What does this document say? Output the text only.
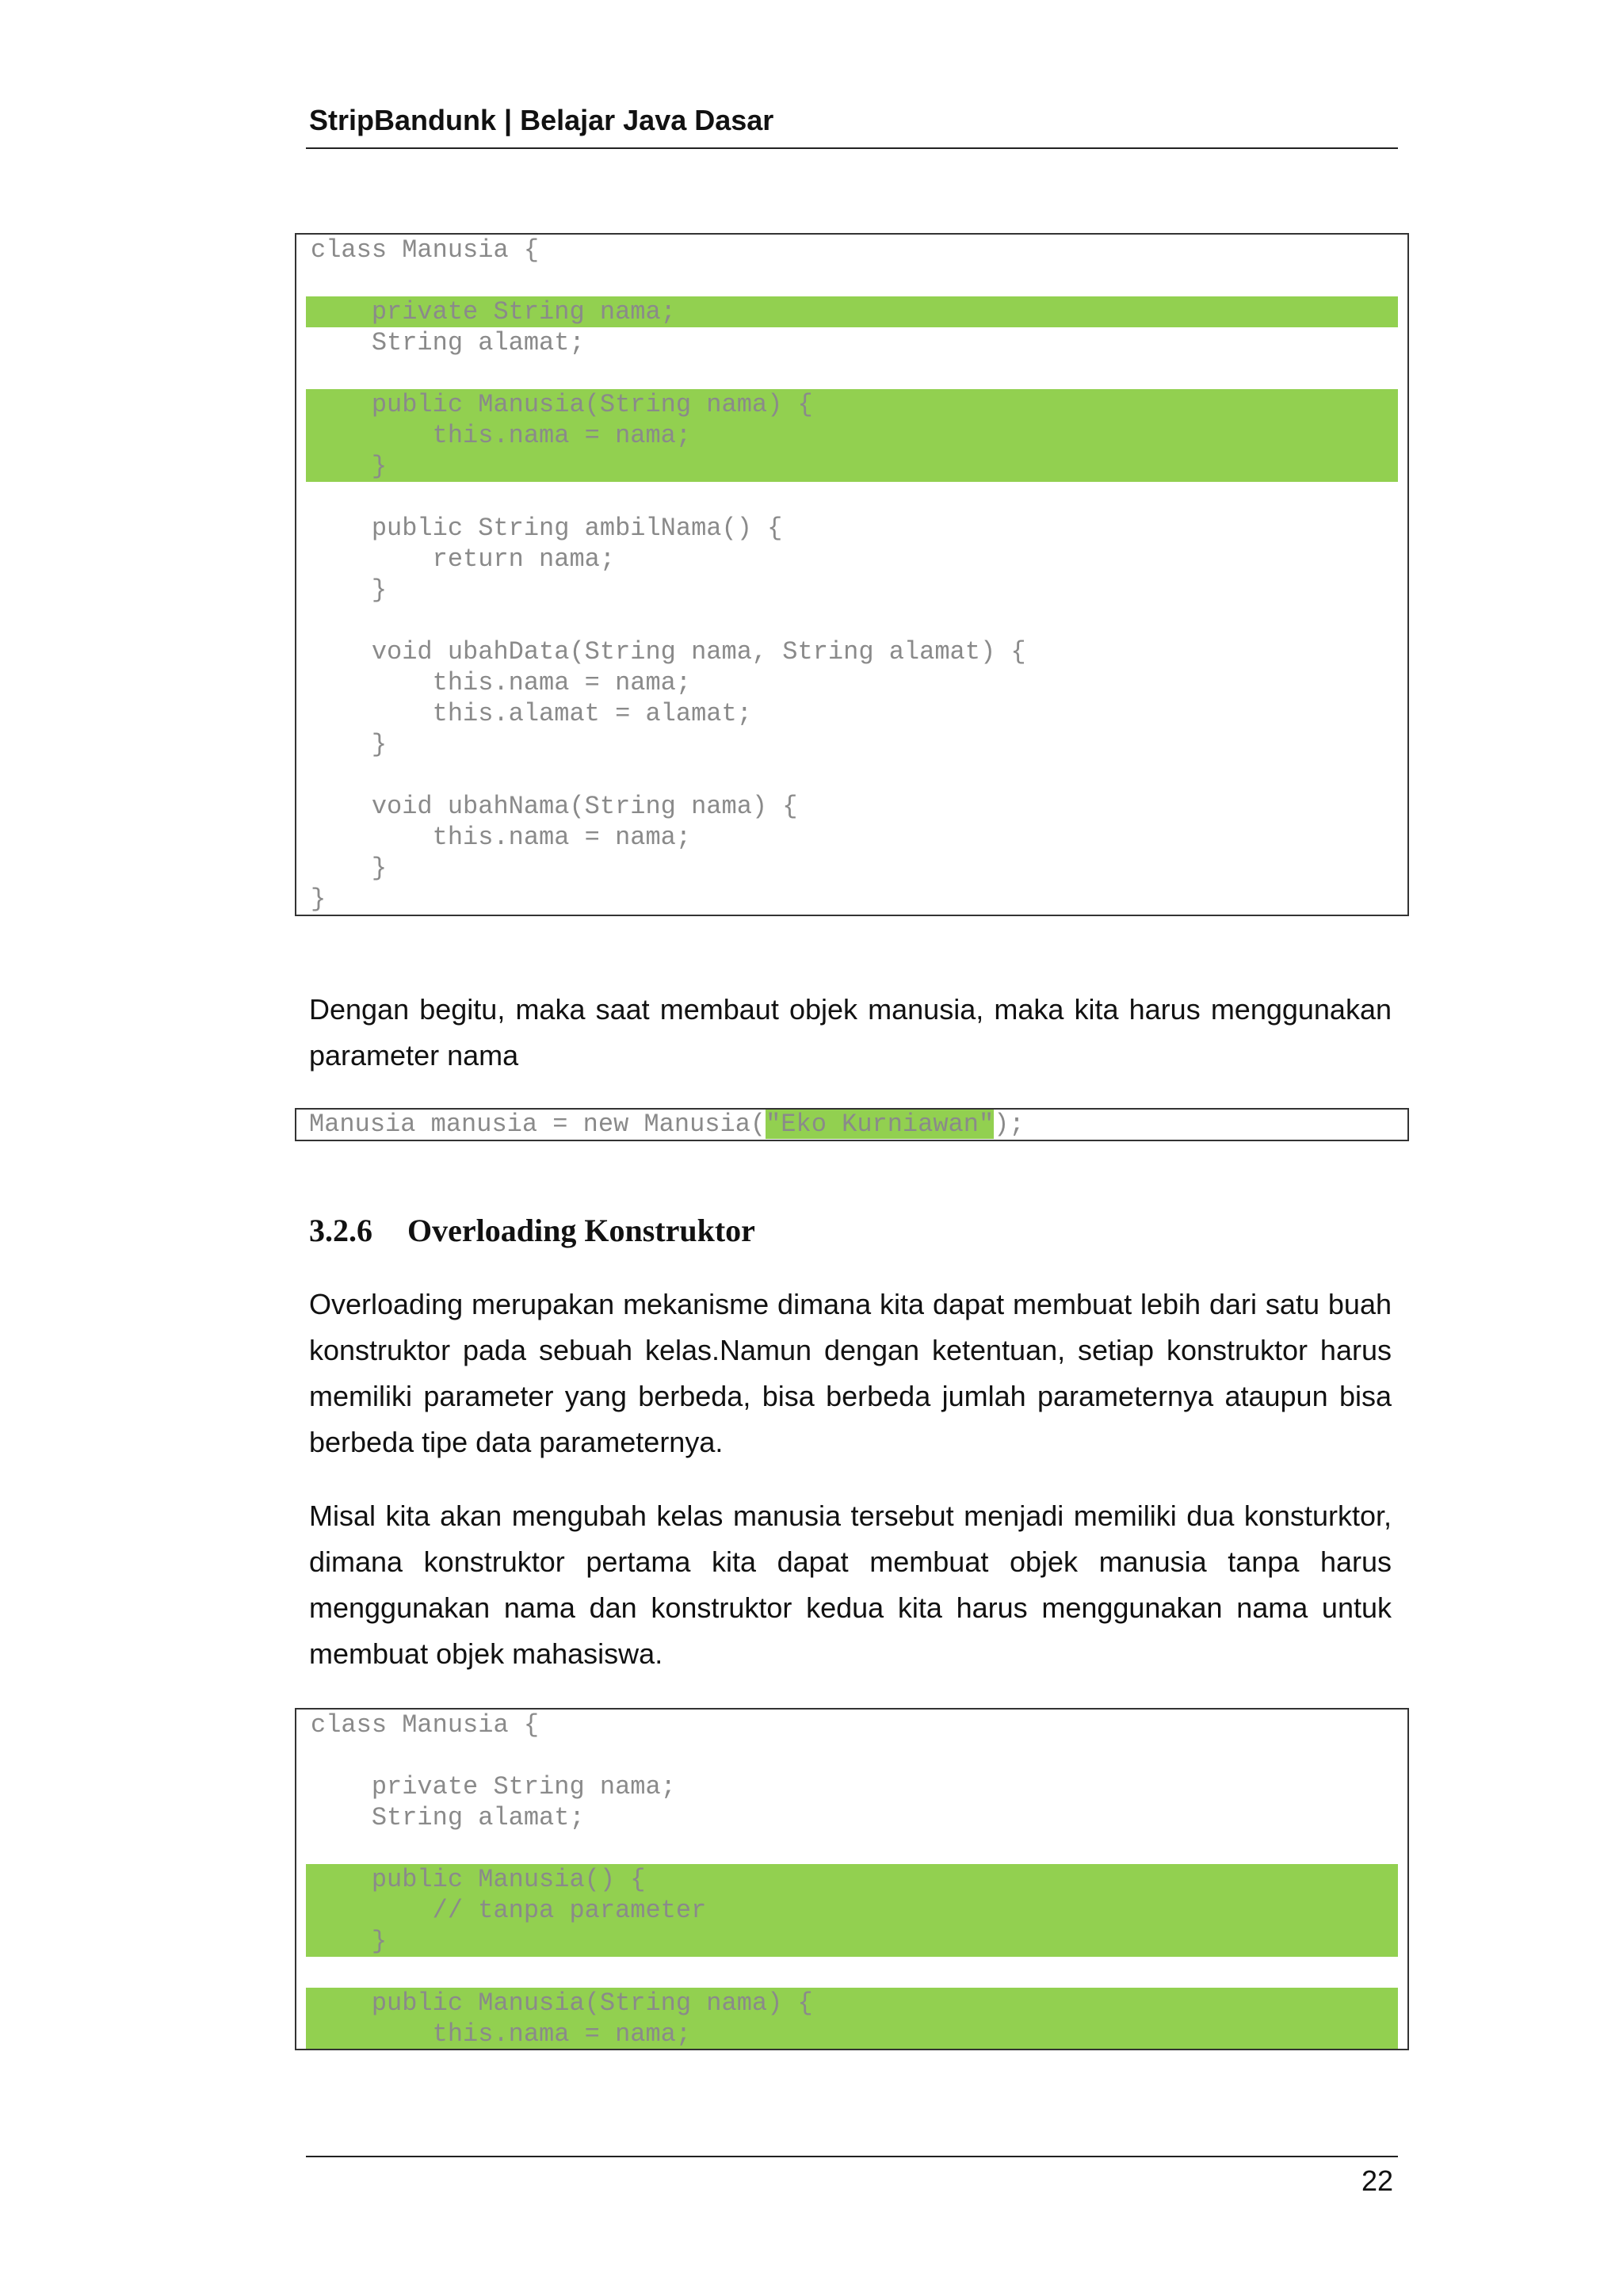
StripBandunk | Belajar Java Dasar
class Manusia {
private String nama;
String alamat;
public Manusia(String nama) {
this.nama = nama;
}
public String ambilNama() {
return nama;
}
void ubahData(String nama, String alamat) {
this.nama = nama;
this.alamat = alamat;
}
void ubahNama(String nama) {
this.nama = nama;
}
}

Dengan begitu, maka saat membaut objek manusia, maka kita harus menggunakan parameter nama

Manusia manusia = new Manusia("Eko Kurniawan");
3.2.6 Overloading Konstruktor

Overloading merupakan mekanisme dimana kita dapat membuat lebih dari satu buah konstruktor pada sebuah kelas.Namun dengan ketentuan, setiap konstruktor harus memiliki parameter yang berbeda, bisa berbeda jumlah parameternya ataupun bisa berbeda tipe data parameternya.

Misal kita akan mengubah kelas manusia tersebut menjadi memiliki dua konsturktor, dimana konstruktor pertama kita dapat membuat objek manusia tanpa harus menggunakan nama dan konstruktor kedua kita harus menggunakan nama untuk membuat objek mahasiswa.

class Manusia {
private String nama;
String alamat;
public Manusia() {
// tanpa parameter
}
public Manusia(String nama) {
this.nama = nama;
22
